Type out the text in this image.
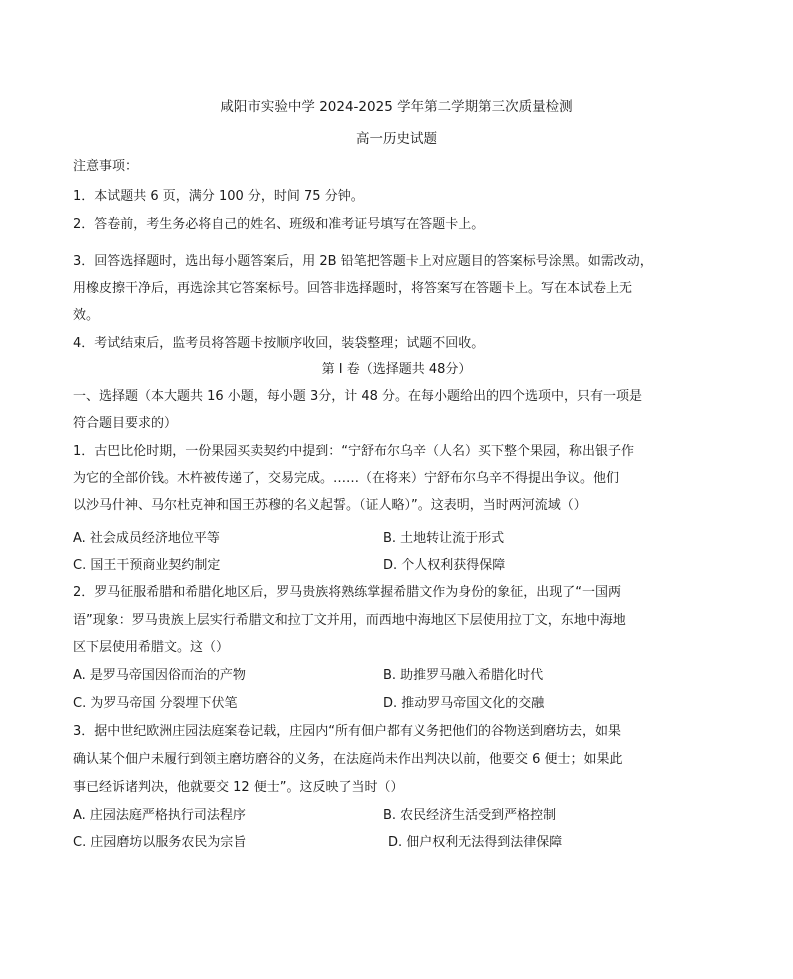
咸阳市实验中学 2024-2025 学年第二学期第三次质量检测
高一历史试题
注意事项：
1．本试题共 6 页，满分 100 分，时间 75 分钟。
2．答卷前，考生务必将自己的姓名、班级和准考证号填写在答题卡上。
3．回答选择题时，选出每小题答案后，用 2B 铅笔把答题卡上对应题目的答案标号涂黑。如需改动，
用橡皮擦干净后，再选涂其它答案标号。回答非选择题时，将答案写在答题卡上。写在本试卷上无
效。
4．考试结束后，监考员将答题卡按顺序收回，装袋整理；试题不回收。
第 I 卷（选择题共 48分）
一、选择题（本大题共 16 小题，每小题 3分，计 48 分。在每小题给出的四个选项中，只有一项是
符合题目要求的）
1．古巴比伦时期，一份果园买卖契约中提到：“宁舒布尔乌辛（人名）买下整个果园，称出银子作
为它的全部价钱。木杵被传递了，交易完成。……（在将来）宁舒布尔乌辛不得提出争议。他们
以沙马什神、马尔杜克神和国王苏穆的名义起誓。（证人略）”。这表明，当时两河流域（）
A. 社会成员经济地位平等	B. 土地转让流于形式
C. 国王干预商业契约制定	D. 个人权利获得保障
2．罗马征服希腊和希腊化地区后，罗马贵族将熟练掌握希腊文作为身份的象征，出现了“一国两
语”现象：罗马贵族上层实行希腊文和拉丁文并用，而西地中海地区下层使用拉丁文，东地中海地
区下层使用希腊文。这（）
A. 是罗马帝国因俗而治的产物	B. 助推罗马融入希腊化时代
C. 为罗马帝国 分裂埋下伏笔	D. 推动罗马帝国文化的交融
3．据中世纪欧洲庄园法庭案卷记载，庄园内“所有佃户都有义务把他们的谷物送到磨坊去，如果
确认某个佃户未履行到领主磨坊磨谷的义务，在法庭尚未作出判决以前，他要交 6 便士；如果此
事已经诉诸判决，他就要交 12 便士”。这反映了当时（）
A. 庄园法庭严格执行司法程序	B. 农民经济生活受到严格控制
C. 庄园磨坊以服务农民为宗旨	D. 佃户权利无法得到法律保障
